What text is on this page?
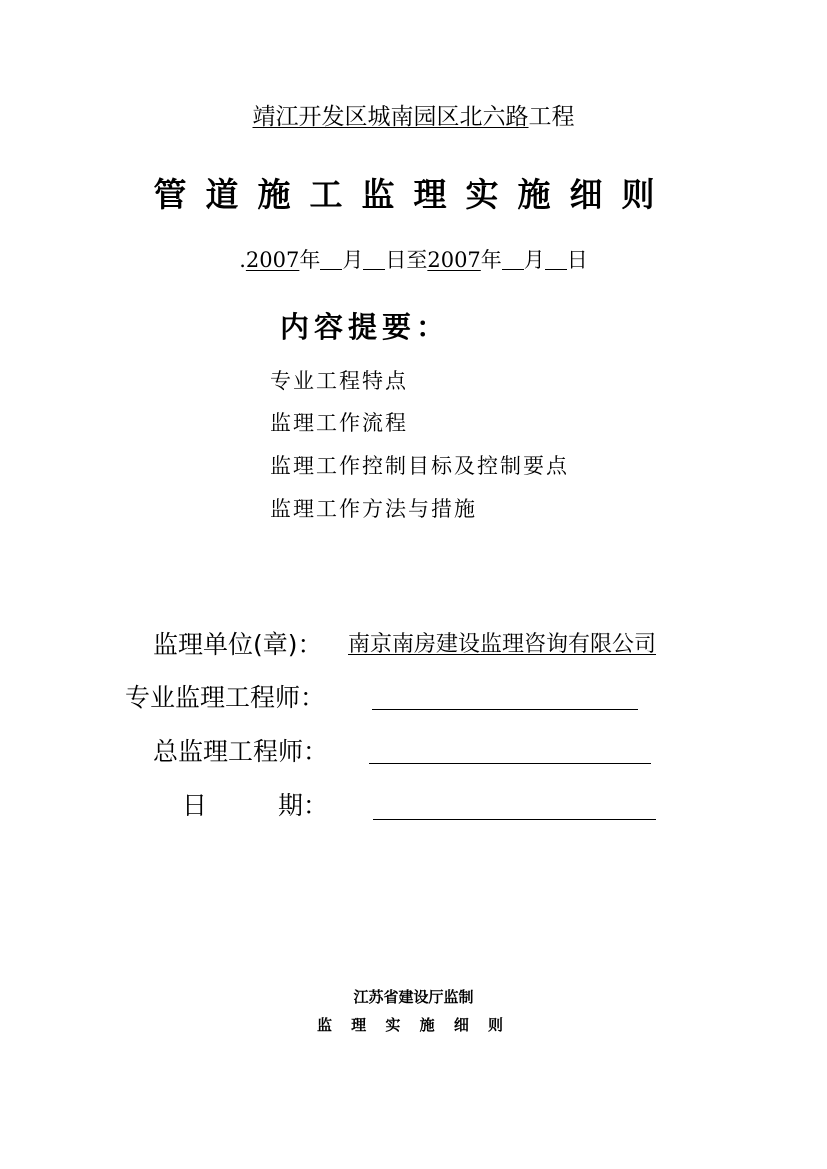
靖江开发区城南园区北六路工程
管道施工监理实施细则
.2007年 月 日至2007年 月 日
内容提要：
专业工程特点
监理工作流程
监理工作控制目标及控制要点
监理工作方法与措施
监理单位(章)： 南京南房建设监理咨询有限公司
专业监理工程师：
总监理工程师：
日	期：
江苏省建设厅监制
监 理 实 施 细 则
